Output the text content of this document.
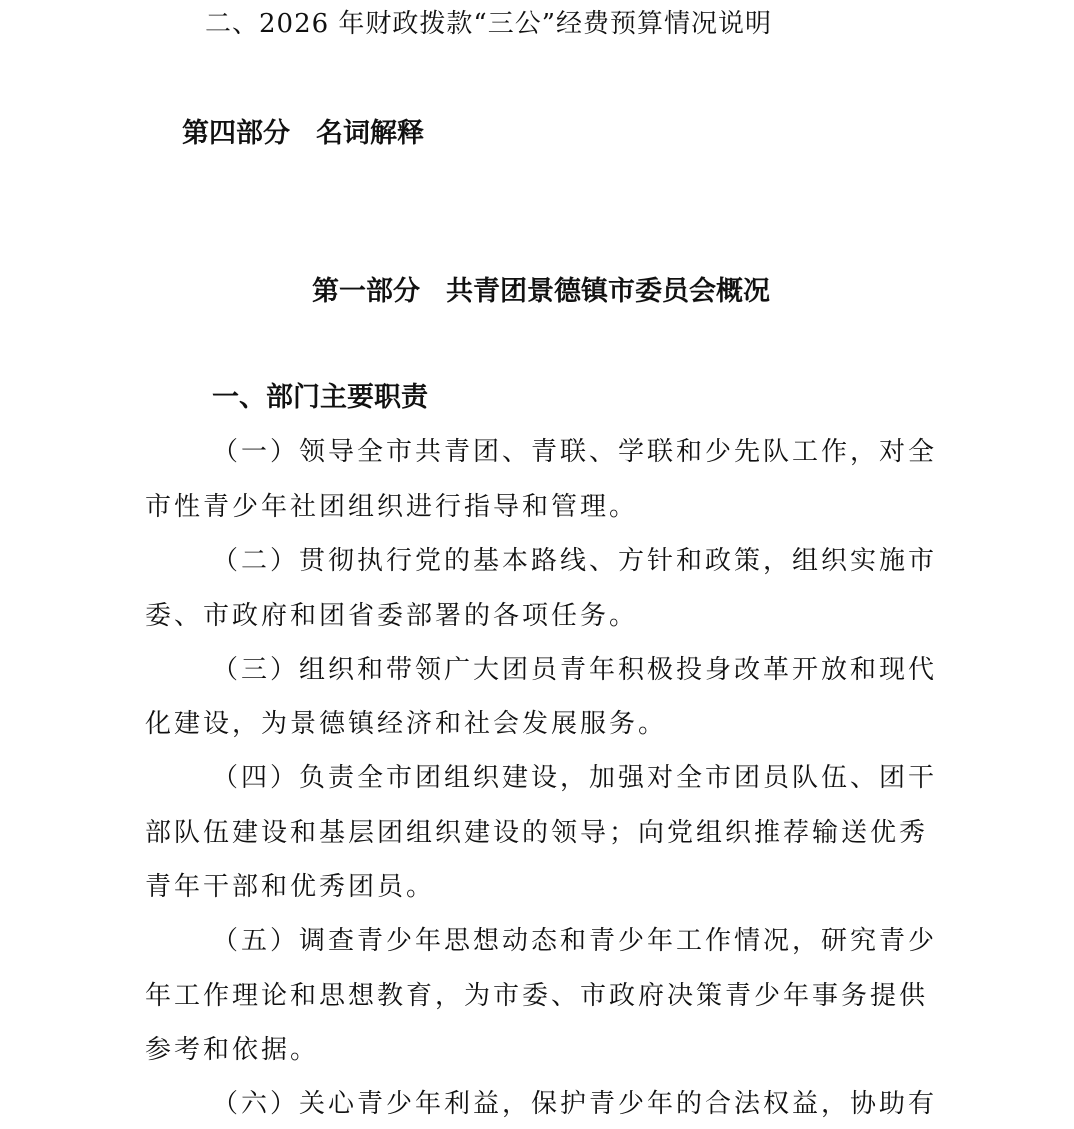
二、2026 年财政拨款“三公”经费预算情况说明
第四部分 名词解释
第一部分 共青团景德镇市委员会概况
一、部门主要职责
（一）领导全市共青团、青联、学联和少先队工作，对全
市性青少年社团组织进行指导和管理。
（二）贯彻执行党的基本路线、方针和政策，组织实施市
委、市政府和团省委部署的各项任务。
（三）组织和带领广大团员青年积极投身改革开放和现代
化建设，为景德镇经济和社会发展服务。
（四）负责全市团组织建设，加强对全市团员队伍、团干
部队伍建设和基层团组织建设的领导；向党组织推荐输送优秀
青年干部和优秀团员。
（五）调查青少年思想动态和青少年工作情况，研究青少
年工作理论和思想教育，为市委、市政府决策青少年事务提供
参考和依据。
（六）关心青少年利益，保护青少年的合法权益，协助有
